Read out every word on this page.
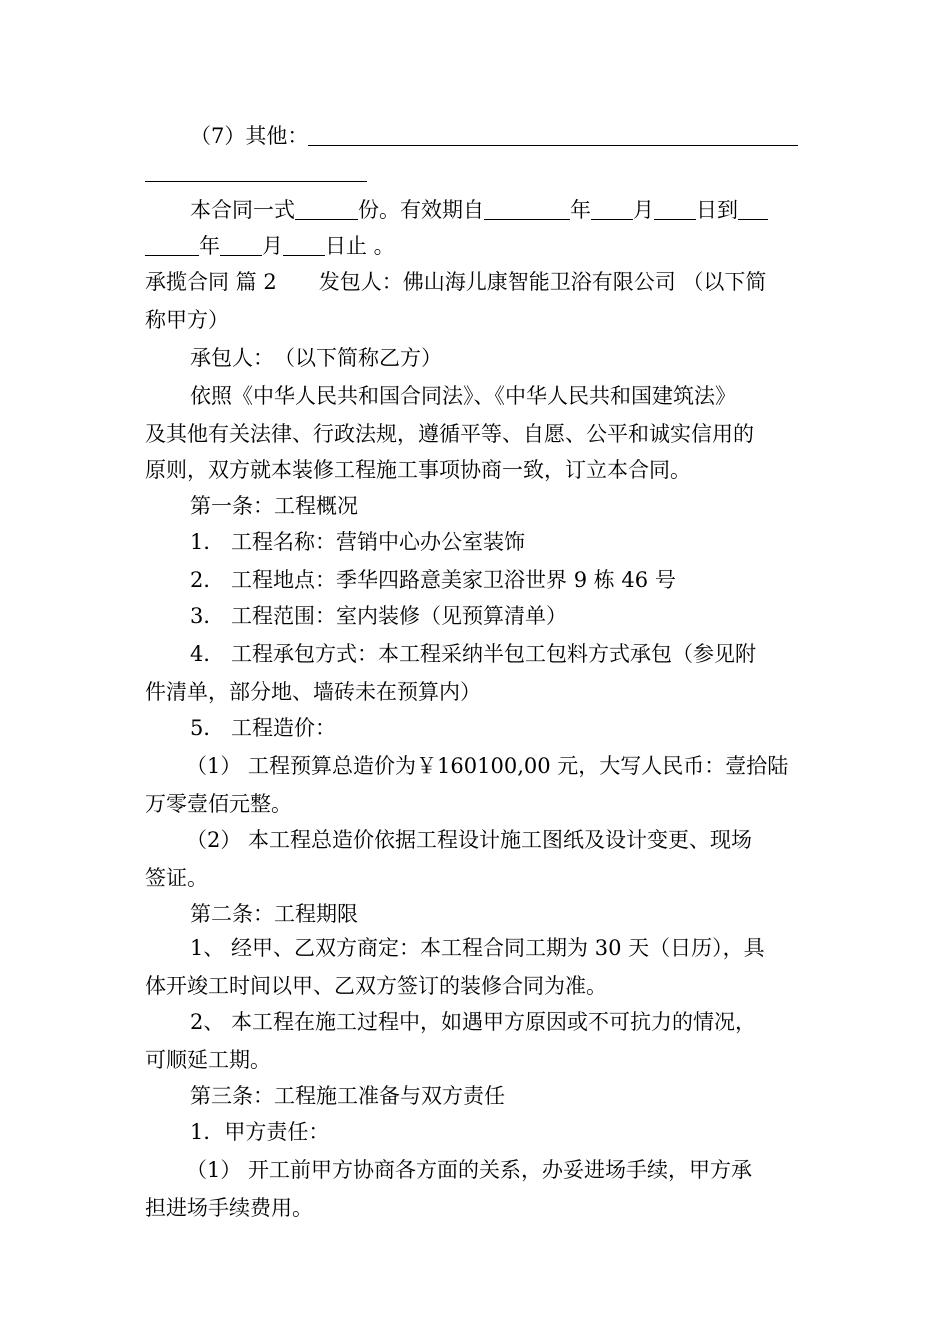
（7）其他：
本合同一式	份。有效期自	年 月 日到
年 月 日止 。
承揽合同 篇 2　　发包人：佛山海儿康智能卫浴有限公司 （以下简
称甲方）
承包人：　（以下简称乙方）
依照《中华人民共和国合同法》、《中华人民共和国建筑法》
及其他有关法律、行政法规，遵循平等、自愿、公平和诚实信用的
原则，双方就本装修工程施工事项协商一致，订立本合同。
第一条：工程概况
1． 工程名称：营销中心办公室装饰
2． 工程地点：季华四路意美家卫浴世界 9 栋 46 号
3． 工程范围：室内装修（见预算清单）
4． 工程承包方式：本工程采纳半包工包料方式承包（参见附
件清单，部分地、墙砖未在预算内）
5． 工程造价：
（1） 工程预算总造价为￥160100,00 元，大写人民币：壹拾陆
万零壹佰元整。
（2） 本工程总造价依据工程设计施工图纸及设计变更、现场
签证。
第二条：工程期限
1、 经甲、乙双方商定：本工程合同工期为 30 天（日历），具
体开竣工时间以甲、乙双方签订的装修合同为准。
2、 本工程在施工过程中，如遇甲方原因或不可抗力的情况，
可顺延工期。
第三条：工程施工准备与双方责任
1．甲方责任：
（1） 开工前甲方协商各方面的关系，办妥进场手续，甲方承
担进场手续费用。
